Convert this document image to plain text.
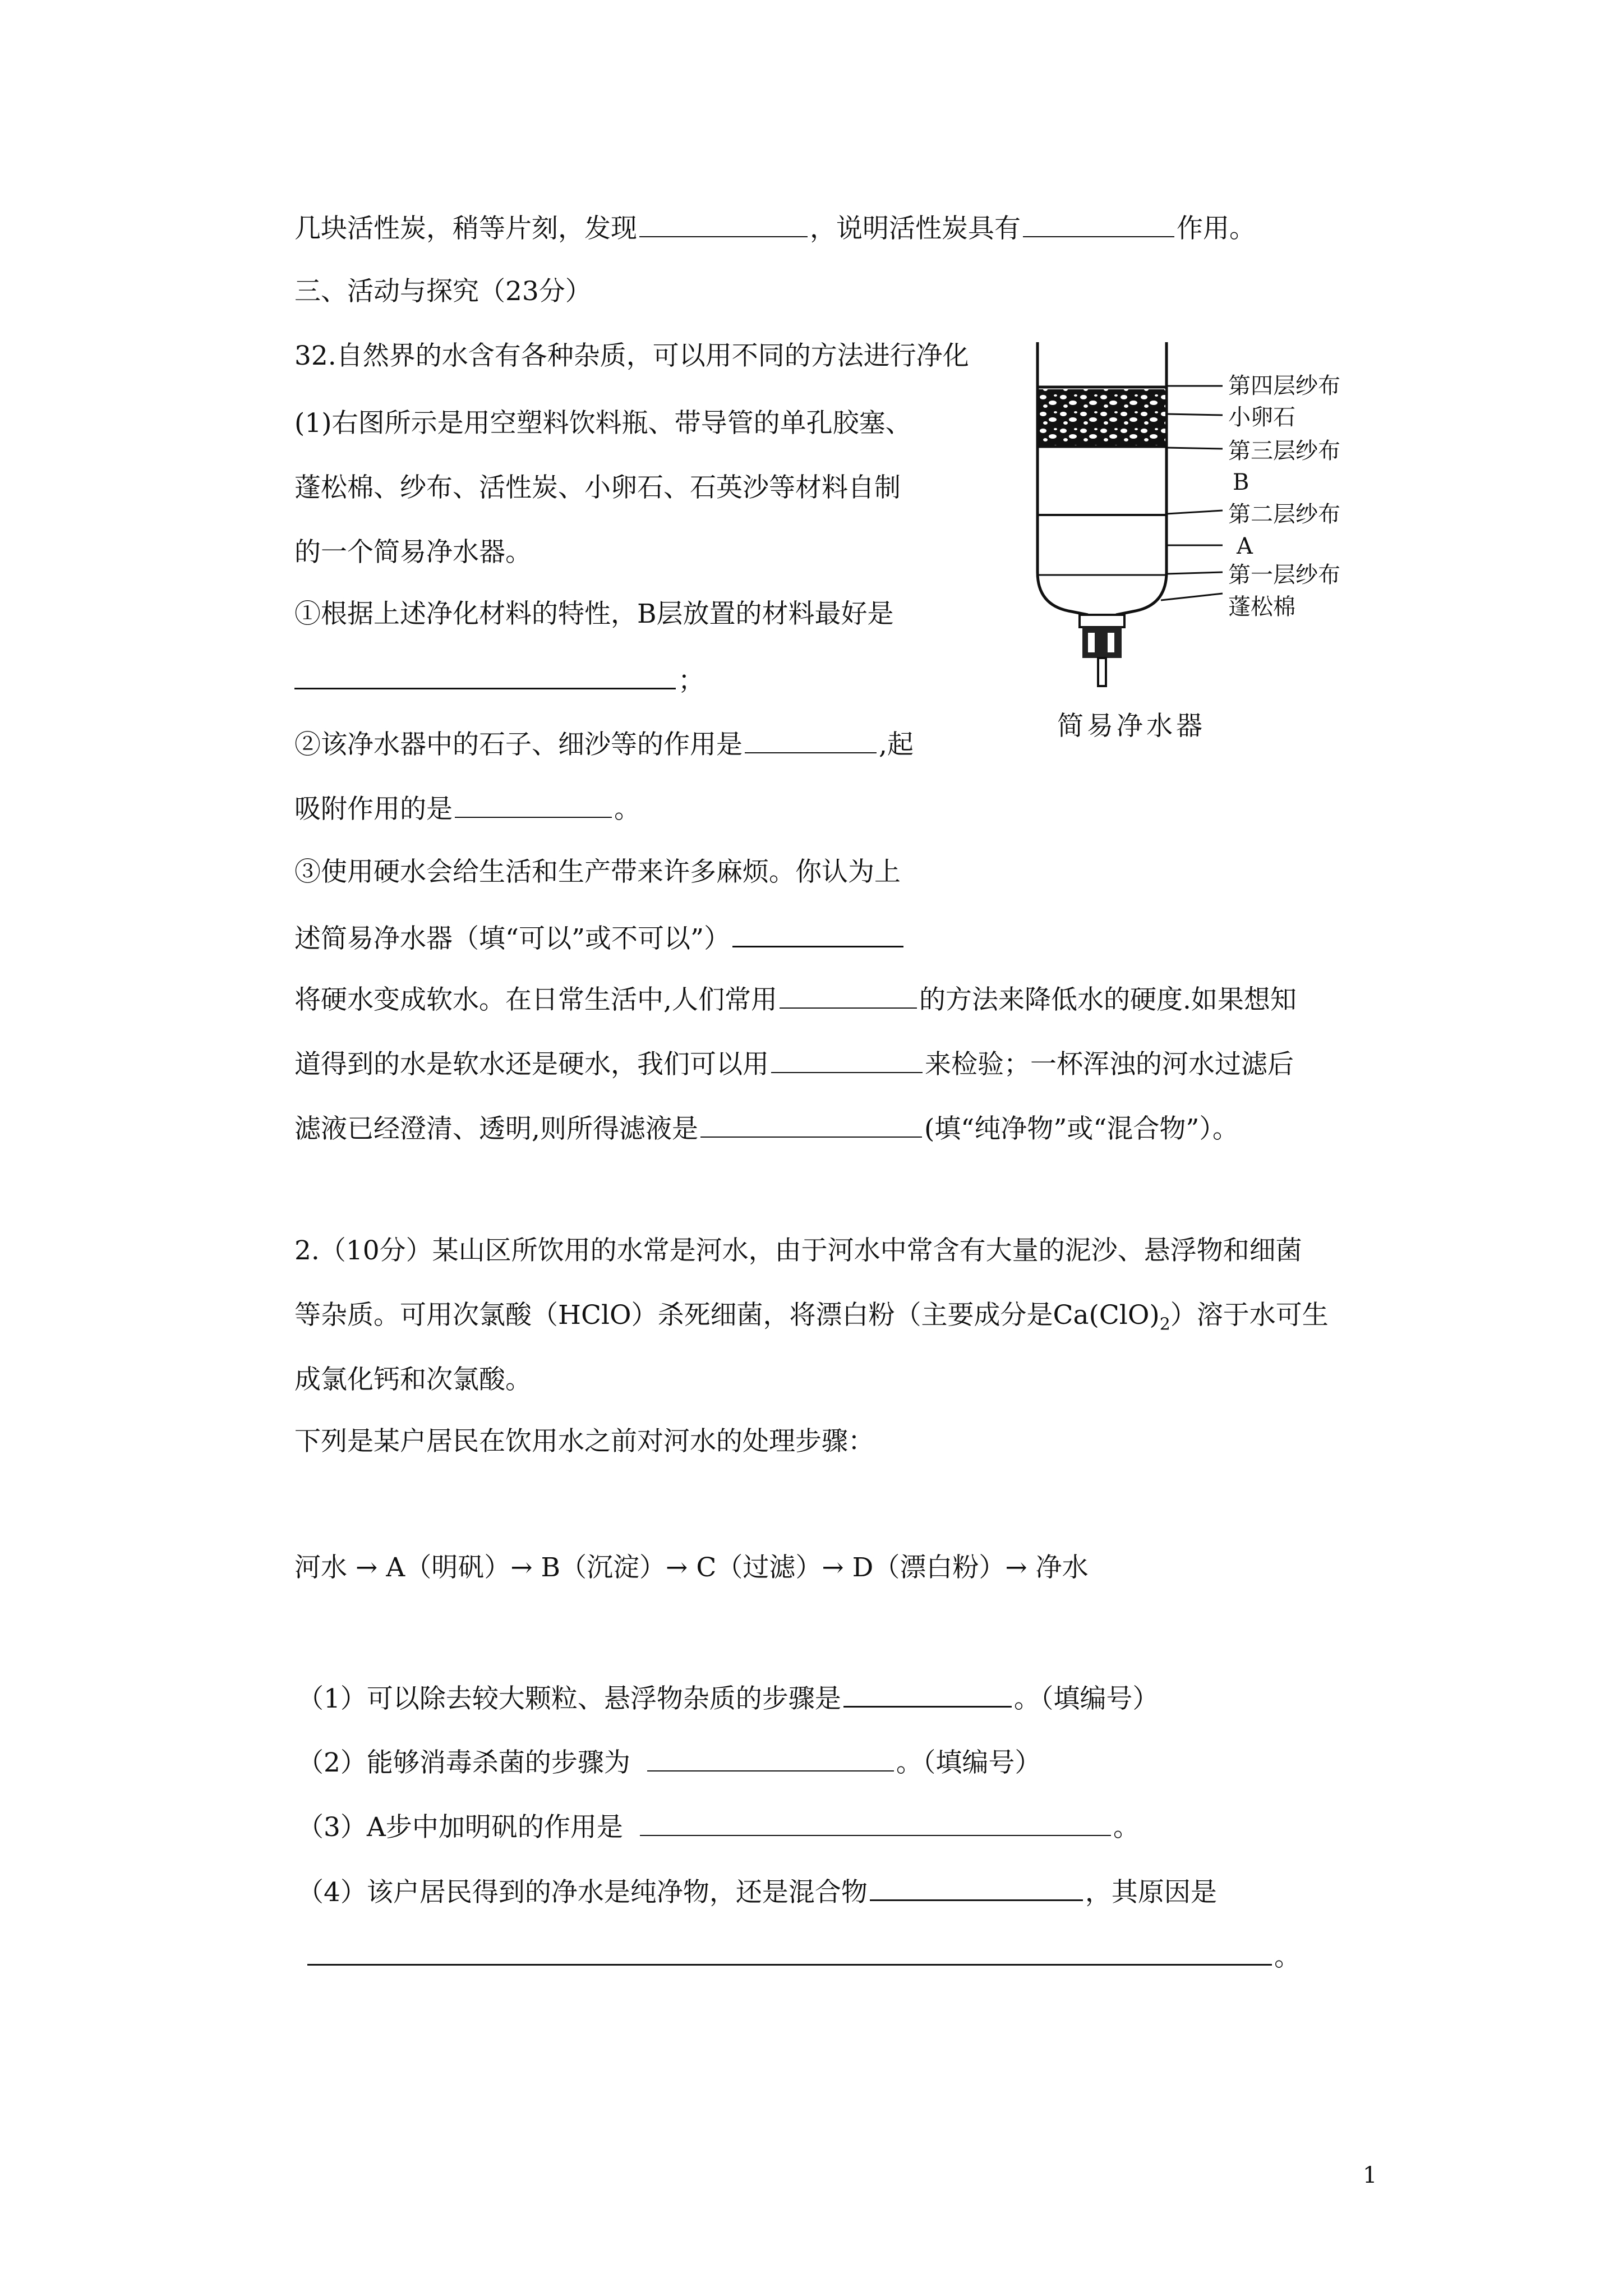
几块活性炭，稍等片刻，发现	，说明活性炭具有	作用。
三、活动与探究（23分）
32.自然界的水含有各种杂质，可以用不同的方法进行净化
(1)右图所示是用空塑料饮料瓶、带导管的单孔胶塞、
蓬松棉、纱布、活性炭、小卵石、石英沙等材料自制
的一个简易净水器。
①根据上述净化材料的特性，B层放置的材料最好是
；
②该净水器中的石子、细沙等的作用是	,起
吸附作用的是	。
③使用硬水会给生活和生产带来许多麻烦。你认为上
述简易净水器（填“可以”或不可以”）
将硬水变成软水。在日常生活中,人们常用	的方法来降低水的硬度.如果想知
道得到的水是软水还是硬水，我们可以用	来检验；一杯浑浊的河水过滤后
滤液已经澄清、透明,则所得滤液是	(填“纯净物”或“混合物”）。
第四层纱布
小卵石
第三层纱布
B
第二层纱布
A
第一层纱布
蓬松棉
简易净水器
2.（10分）某山区所饮用的水常是河水，由于河水中常含有大量的泥沙、悬浮物和细菌
等杂质。可用次氯酸（HClO）杀死细菌，将漂白粉（主要成分是$Ca(ClO)_2$）溶于水可生
成氯化钙和次氯酸。
下列是某户居民在饮用水之前对河水的处理步骤：
河水 → A（明矾）→ B（沉淀）→ C（过滤）→ D（漂白粉）→ 净水
（1）可以除去较大颗粒、悬浮物杂质的步骤是	。（填编号）
（2）能够消毒杀菌的步骤为	。（填编号）
（3）A步中加明矾的作用是	。
（4）该户居民得到的净水是纯净物，还是混合物	，其原因是
。
1
